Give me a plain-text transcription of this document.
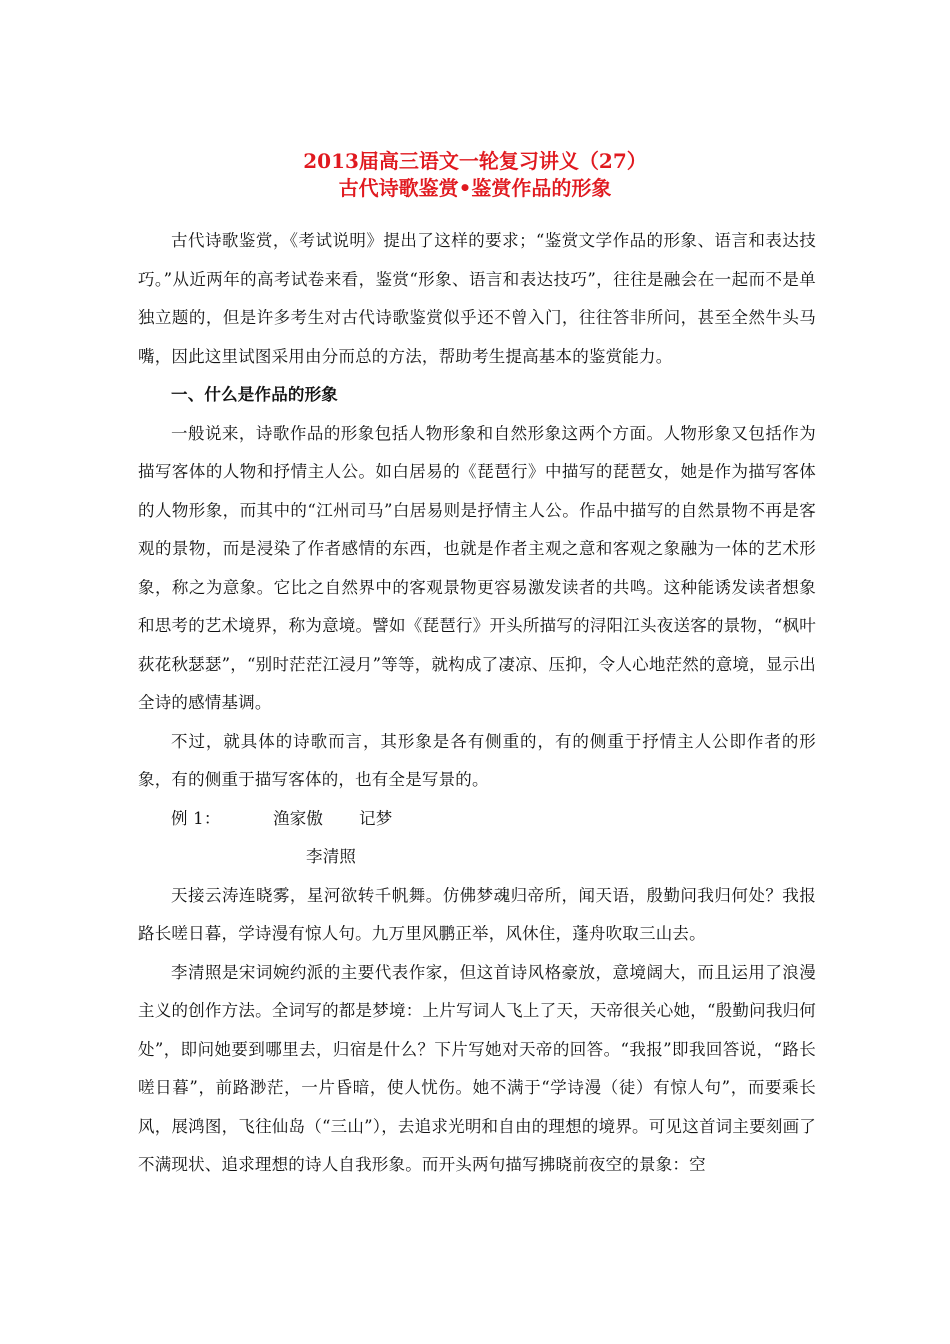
2013届高三语文一轮复习讲义（27）
古代诗歌鉴赏•鉴赏作品的形象

古代诗歌鉴赏，《考试说明》提出了这样的要求；“鉴赏文学作品的形象、语言和表达技巧。”从近两年的高考试卷来看，鉴赏“形象、语言和表达技巧”，往往是融会在一起而不是单独立题的，但是许多考生对古代诗歌鉴赏似乎还不曾入门，往往答非所问，甚至全然牛头马嘴，因此这里试图采用由分而总的方法，帮助考生提高基本的鉴赏能力。

一、什么是作品的形象

一般说来，诗歌作品的形象包括人物形象和自然形象这两个方面。人物形象又包括作为描写客体的人物和抒情主人公。如白居易的《琵琶行》中描写的琵琶女，她是作为描写客体的人物形象，而其中的“江州司马”白居易则是抒情主人公。作品中描写的自然景物不再是客观的景物，而是浸染了作者感情的东西，也就是作者主观之意和客观之象融为一体的艺术形象，称之为意象。它比之自然界中的客观景物更容易激发读者的共鸣。这种能诱发读者想象和思考的艺术境界，称为意境。譬如《琵琶行》开头所描写的浔阳江头夜送客的景物，“枫叶荻花秋瑟瑟”，“别时茫茫江浸月”等等，就构成了凄凉、压抑，令人心地茫然的意境，显示出全诗的感情基调。

不过，就具体的诗歌而言，其形象是各有侧重的，有的侧重于抒情主人公即作者的形象，有的侧重于描写客体的，也有全是写景的。

例 1：	渔家傲 记梦

李清照

天接云涛连晓雾，星河欲转千帆舞。仿佛梦魂归帝所，闻天语，殷勤问我归何处？我报路长嗟日暮，学诗漫有惊人句。九万里风鹏正举，风休住，蓬舟吹取三山去。

李清照是宋词婉约派的主要代表作家，但这首诗风格豪放，意境阔大，而且运用了浪漫主义的创作方法。全词写的都是梦境：上片写词人飞上了天，天帝很关心她，“殷勤问我归何处”，即问她要到哪里去，归宿是什么？下片写她对天帝的回答。“我报”即我回答说，“路长嗟日暮”，前路渺茫，一片昏暗，使人忧伤。她不满于“学诗漫（徒）有惊人句”，而要乘长风，展鸿图，飞往仙岛（“三山”），去追求光明和自由的理想的境界。可见这首词主要刻画了不满现状、追求理想的诗人自我形象。而开头两句描写拂晓前夜空的景象：空
